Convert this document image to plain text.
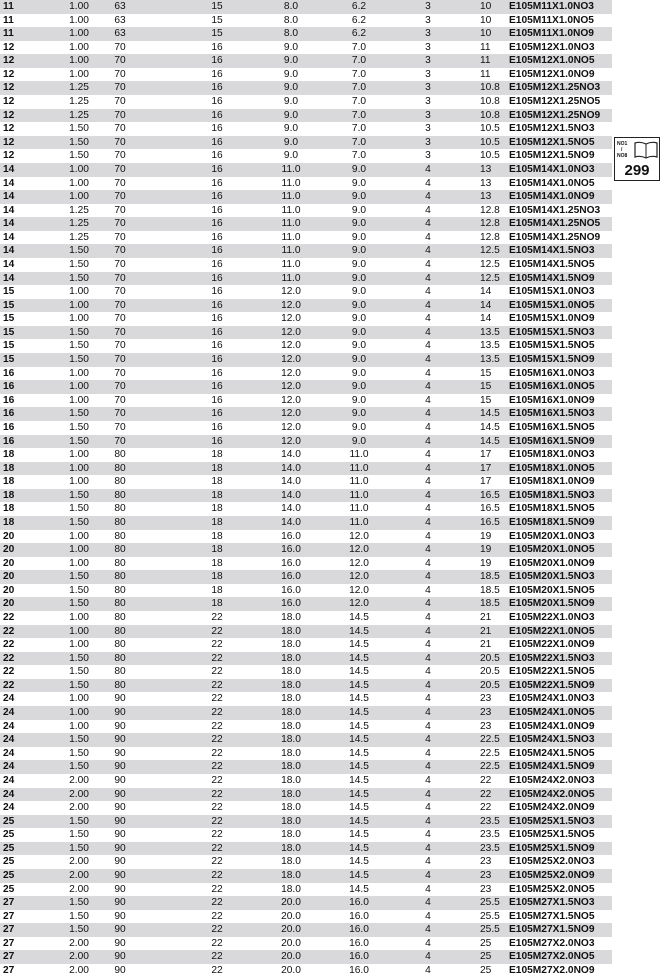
11	1.00	63	15	8.0	6.2	3	10	E105M11X1.0NO3
11	1.00	63	15	8.0	6.2	3	10	E105M11X1.0NO5
11	1.00	63	15	8.0	6.2	3	10	E105M11X1.0NO9
12	1.00	70	16	9.0	7.0	3	11	E105M12X1.0NO3
12	1.00	70	16	9.0	7.0	3	11	E105M12X1.0NO5
12	1.00	70	16	9.0	7.0	3	11	E105M12X1.0NO9
12	1.25	70	16	9.0	7.0	3	10.8 E105M12X1.25NO3
12	1.25	70	16	9.0	7.0	3	10.8 E105M12X1.25NO5
12	1.25	70	16	9.0	7.0	3	10.8 E105M12X1.25NO9
12	1.50	70	16	9.0	7.0	3	10.5 E105M12X1.5NO3
12	1.50	70	16	9.0	7.0	3	10.5 E105M12X1.5NO5
12	1.50	70	16	9.0	7.0	3	10.5 E105M12X1.5NO9
14	1.00	70	16	11.0	9.0	4	13	E105M14X1.0NO3
14	1.00	70	16	11.0	9.0	4	13	E105M14X1.0NO5
14	1.00	70	16	11.0	9.0	4	13	E105M14X1.0NO9
14	1.25	70	16	11.0	9.0	4	12.8 E105M14X1.25NO3
14	1.25	70	16	11.0	9.0	4	12.8 E105M14X1.25NO5
14	1.25	70	16	11.0	9.0	4	12.8 E105M14X1.25NO9
14	1.50	70	16	11.0	9.0	4	12.5 E105M14X1.5NO3
14	1.50	70	16	11.0	9.0	4	12.5 E105M14X1.5NO5
14	1.50	70	16	11.0	9.0	4	12.5 E105M14X1.5NO9
15	1.00	70	16	12.0	9.0	4	14	E105M15X1.0NO3
15	1.00	70	16	12.0	9.0	4	14	E105M15X1.0NO5
15	1.00	70	16	12.0	9.0	4	14	E105M15X1.0NO9
15	1.50	70	16	12.0	9.0	4	13.5 E105M15X1.5NO3
15	1.50	70	16	12.0	9.0	4	13.5 E105M15X1.5NO5
15	1.50	70	16	12.0	9.0	4	13.5 E105M15X1.5NO9
16	1.00	70	16	12.0	9.0	4	15	E105M16X1.0NO3
16	1.00	70	16	12.0	9.0	4	15	E105M16X1.0NO5
16	1.00	70	16	12.0	9.0	4	15	E105M16X1.0NO9
16	1.50	70	16	12.0	9.0	4	14.5 E105M16X1.5NO3
16	1.50	70	16	12.0	9.0	4	14.5 E105M16X1.5NO5
16	1.50	70	16	12.0	9.0	4	14.5 E105M16X1.5NO9
18	1.00	80	18	14.0	11.0	4	17	E105M18X1.0NO3
18	1.00	80	18	14.0	11.0	4	17	E105M18X1.0NO5
18	1.00	80	18	14.0	11.0	4	17	E105M18X1.0NO9
18	1.50	80	18	14.0	11.0	4	16.5 E105M18X1.5NO3
18	1.50	80	18	14.0	11.0	4	16.5 E105M18X1.5NO5
18	1.50	80	18	14.0	11.0	4	16.5 E105M18X1.5NO9
20	1.00	80	18	16.0	12.0	4	19	E105M20X1.0NO3
20	1.00	80	18	16.0	12.0	4	19	E105M20X1.0NO5
20	1.00	80	18	16.0	12.0	4	19	E105M20X1.0NO9
20	1.50	80	18	16.0	12.0	4	18.5 E105M20X1.5NO3
20	1.50	80	18	16.0	12.0	4	18.5 E105M20X1.5NO5
20	1.50	80	18	16.0	12.0	4	18.5 E105M20X1.5NO9
22	1.00	80	22	18.0	14.5	4	21	E105M22X1.0NO3
22	1.00	80	22	18.0	14.5	4	21	E105M22X1.0NO5
22	1.00	80	22	18.0	14.5	4	21	E105M22X1.0NO9
22	1.50	80	22	18.0	14.5	4	20.5 E105M22X1.5NO3
22	1.50	80	22	18.0	14.5	4	20.5 E105M22X1.5NO5
22	1.50	80	22	18.0	14.5	4	20.5 E105M22X1.5NO9
24	1.00	90	22	18.0	14.5	4	23	E105M24X1.0NO3
24	1.00	90	22	18.0	14.5	4	23	E105M24X1.0NO5
24	1.00	90	22	18.0	14.5	4	23	E105M24X1.0NO9
24	1.50	90	22	18.0	14.5	4	22.5 E105M24X1.5NO3
24	1.50	90	22	18.0	14.5	4	22.5 E105M24X1.5NO5
24	1.50	90	22	18.0	14.5	4	22.5 E105M24X1.5NO9
24	2.00	90	22	18.0	14.5	4	22	E105M24X2.0NO3
24	2.00	90	22	18.0	14.5	4	22	E105M24X2.0NO5
24	2.00	90	22	18.0	14.5	4	22	E105M24X2.0NO9
25	1.50	90	22	18.0	14.5	4	23.5 E105M25X1.5NO3
25	1.50	90	22	18.0	14.5	4	23.5 E105M25X1.5NO5
25	1.50	90	22	18.0	14.5	4	23.5 E105M25X1.5NO9
25	2.00	90	22	18.0	14.5	4	23	E105M25X2.0NO3
25	2.00	90	22	18.0	14.5	4	23	E105M25X2.0NO9
25	2.00	90	22	18.0	14.5	4	23	E105M25X2.0NO5
27	1.50	90	22	20.0	16.0	4	25.5 E105M27X1.5NO3
27	1.50	90	22	20.0	16.0	4	25.5 E105M27X1.5NO5
27	1.50	90	22	20.0	16.0	4	25.5 E105M27X1.5NO9
27	2.00	90	22	20.0	16.0	4	25	E105M27X2.0NO3
27	2.00	90	22	20.0	16.0	4	25	E105M27X2.0NO5
27	2.00	90	22	20.0	16.0	4	25	E105M27X2.0NO9
NO1
/
NO8
299
